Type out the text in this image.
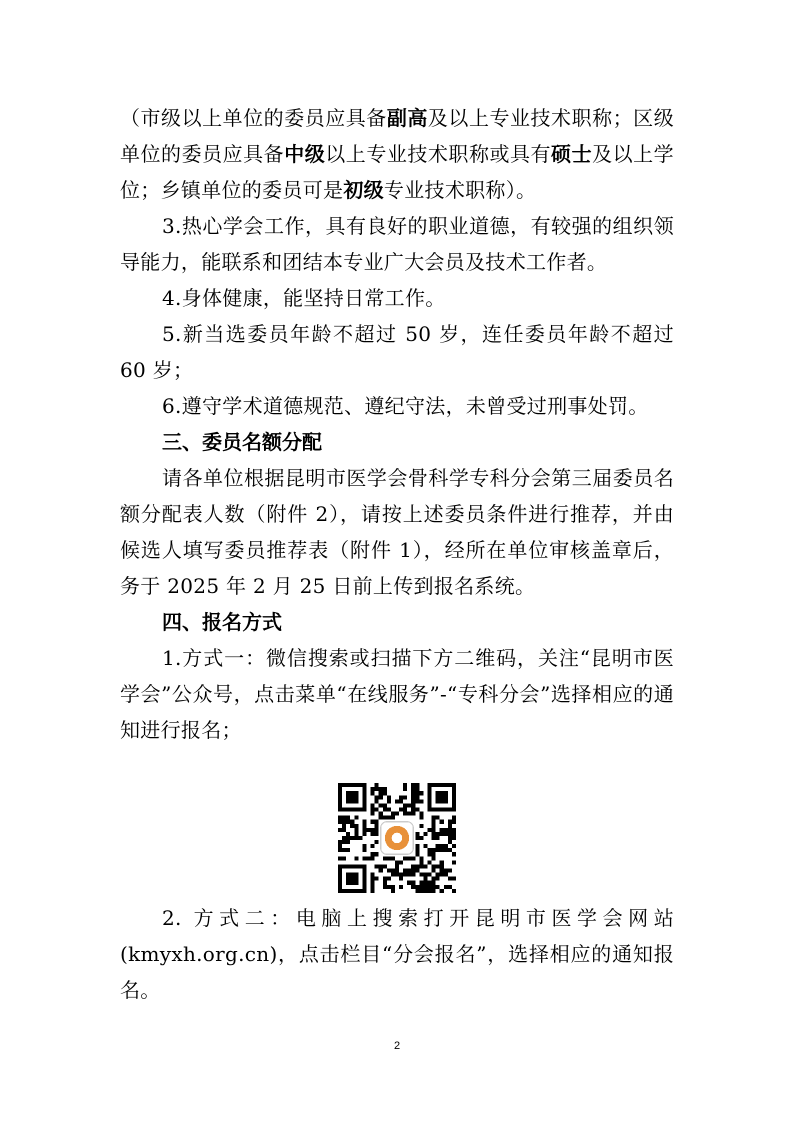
（市级以上单位的委员应具备副高及以上专业技术职称；区级单位的委员应具备中级以上专业技术职称或具有硕士及以上学位；乡镇单位的委员可是初级专业技术职称）。

3.热心学会工作，具有良好的职业道德，有较强的组织领导能力，能联系和团结本专业广大会员及技术工作者。

4.身体健康，能坚持日常工作。

5.新当选委员年龄不超过 50 岁，连任委员年龄不超过 60 岁；

6.遵守学术道德规范、遵纪守法，未曾受过刑事处罚。

三、委员名额分配

请各单位根据昆明市医学会骨科学专科分会第三届委员名额分配表人数（附件 2），请按上述委员条件进行推荐，并由候选人填写委员推荐表（附件 1），经所在单位审核盖章后，务于 2025 年 2 月 25 日前上传到报名系统。

四、报名方式

1.方式一：微信搜索或扫描下方二维码，关注“昆明市医学会”公众号，点击菜单“在线服务”-“专科分会”选择相应的通知进行报名；

2. 方式二：电脑上搜索打开昆明市医学会网站(kmyxh.org.cn)，点击栏目“分会报名”，选择相应的通知报名。

2
